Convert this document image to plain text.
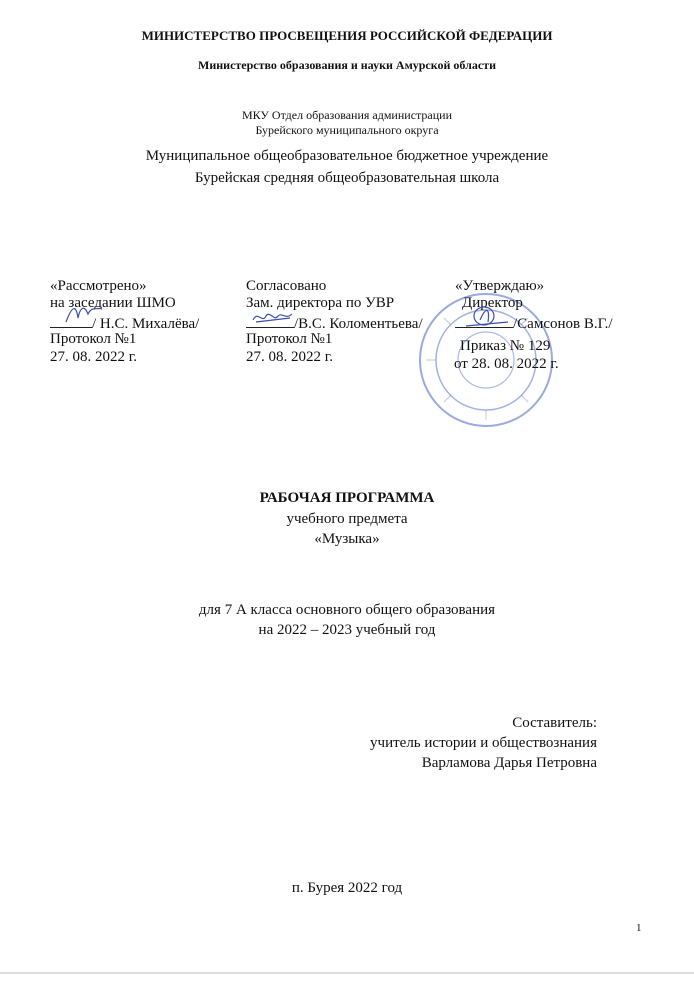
МИНИСТЕРСТВО ПРОСВЕЩЕНИЯ РОССИЙСКОЙ ФЕДЕРАЦИИ
Министерство образования и науки Амурской области
МКУ Отдел образования администрации
Бурейского муниципального округа
Муниципальное общеобразовательное бюджетное учреждение
Бурейская средняя общеобразовательная школа
«Рассмотрено»
на заседании ШМО
/ Н.С. Михалёва/
Протокол №1
27. 08. 2022 г.
Согласовано
Зам. директора по УВР
/В.С. Коломентьева/
Протокол №1
27. 08. 2022 г.
«Утверждаю»
Директор
/Самсонов В.Г./
Приказ № 129
от 28. 08. 2022 г.
РАБОЧАЯ ПРОГРАММА
учебного предмета
«Музыка»
для 7 А класса основного общего образования
на 2022 – 2023 учебный год
Составитель:
учитель истории и обществознания
Варламова Дарья Петровна
п. Бурея 2022 год
1
